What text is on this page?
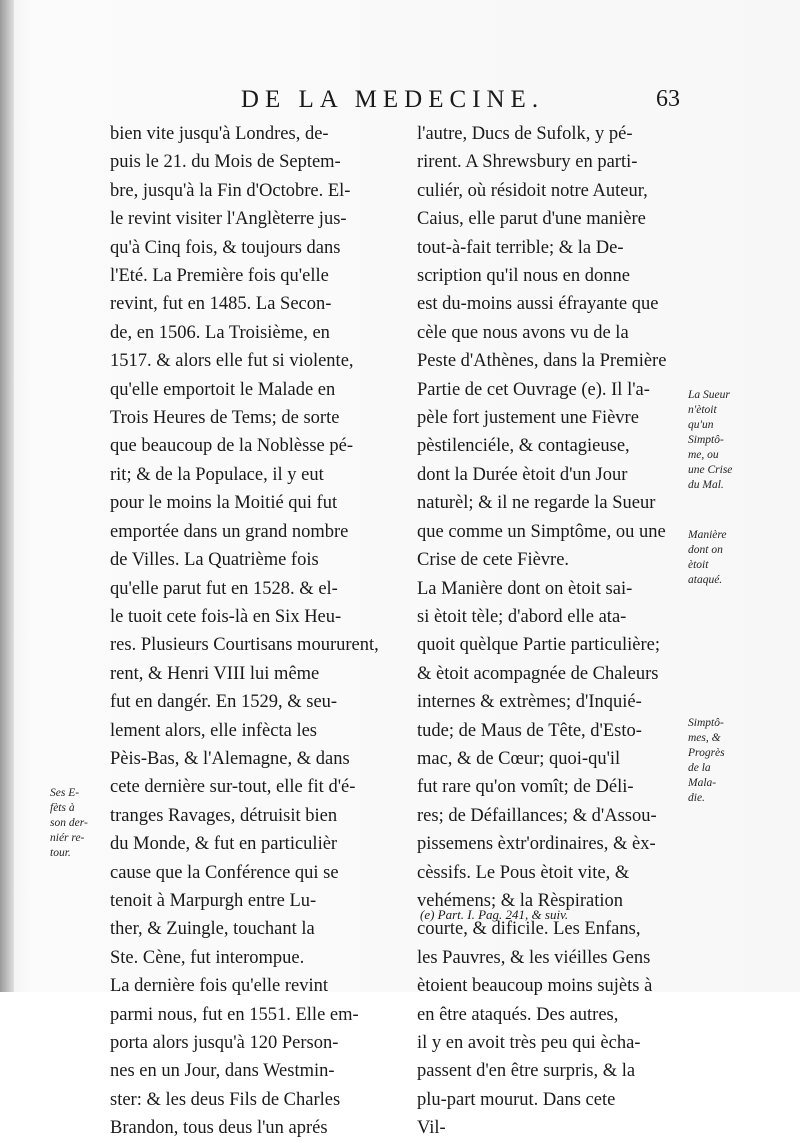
DE LA MEDECINE.	63
bien vite jusqu'à Londres, de-
puis le 21. du Mois de Septem-
bre, jusqu'à la Fin d'Octobre. El-
le revint visiter l'Anglèterre jus-
qu'à Cinq fois, & toujours dans
l'Eté. La Première fois qu'elle
revint, fut en 1485. La Secon-
de, en 1506. La Troisième, en
1517. & alors elle fut si violente,
qu'elle emportoit le Malade en
Trois Heures de Tems; de sorte
que beaucoup de la Noblèsse pé-
rit; & de la Populace, il y eut
pour le moins la Moitié qui fut
emportée dans un grand nombre
de Villes. La Quatrième fois
qu'elle parut fut en 1528. & el-
le tuoit cete fois-là en Six Heu-
res. Plusieurs Courtisans moururent,
rent, & Henri VIII lui même
fut en dangér. En 1529, & seu-
lement alors, elle infècta les
Pèis-Bas, & l'Alemagne, & dans
cete dernière sur-tout, elle fit d'é-
tranges Ravages, détruisit bien
du Monde, & fut en particulièr
cause que la Conférence qui se
tenoit à Marpurgh entre Lu-
ther, & Zuingle, touchant la
Ste. Cène, fut interompue.
La dernière fois qu'elle revint
parmi nous, fut en 1551. Elle em-
porta alors jusqu'à 120 Person-
nes en un Jour, dans Westmin-
ster: & les deus Fils de Charles
Brandon, tous deus l'un aprés
l'autre, Ducs de Sufolk, y pé-
rirent. A Shrewsbury en parti-
culiér, où résidoit notre Auteur,
Caius, elle parut d'une manière
tout-à-fait terrible; & la De-
scription qu'il nous en donne
est du-moins aussi éfrayante que
cèle que nous avons vu de la
Peste d'Athènes, dans la Première
Partie de cet Ouvrage (e). Il l'a-
pèle fort justement une Fièvre
pèstilenciéle, & contagieuse,
dont la Durée ètoit d'un Jour
naturèl; & il ne regarde la Sueur
que comme un Simptôme, ou une
Crise de cete Fièvre.
La Manière dont on ètoit sai-
si ètoit tèle; d'abord elle ata-
quoit quèlque Partie particulière;
& ètoit acompagnée de Chaleurs
internes & extrèmes; d'Inquié-
tude; de Maus de Tête, d'Esto-
mac, & de Cœur; quoi-qu'il
fut rare qu'on vomît; de Déli-
res; de Défaillances; & d'Assou-
pissemens èxtr'ordinaires, & èx-
cèssifs. Le Pous ètoit vite, &
vehémens; & la Rèspiration
courte, & dificile. Les Enfans,
les Pauvres, & les viéilles Gens
ètoient beaucoup moins sujèts à
en être ataqués. Des autres,
il y en avoit très peu qui ècha-
passent d'en être surpris, & la
plu-part mourut. Dans cete
Vil-
Ses E-
fèts à
son der-
niér re-
tour.
La Sueur
n'ètoit
qu'un
Simptô-
me, ou
une Crise
du Mal.
Manière
dont on
ètoit
ataqué.
Simptô-
mes, &
Progrès
de la
Mala-
die.
(e) Part. I. Pag. 241, & suiv.
